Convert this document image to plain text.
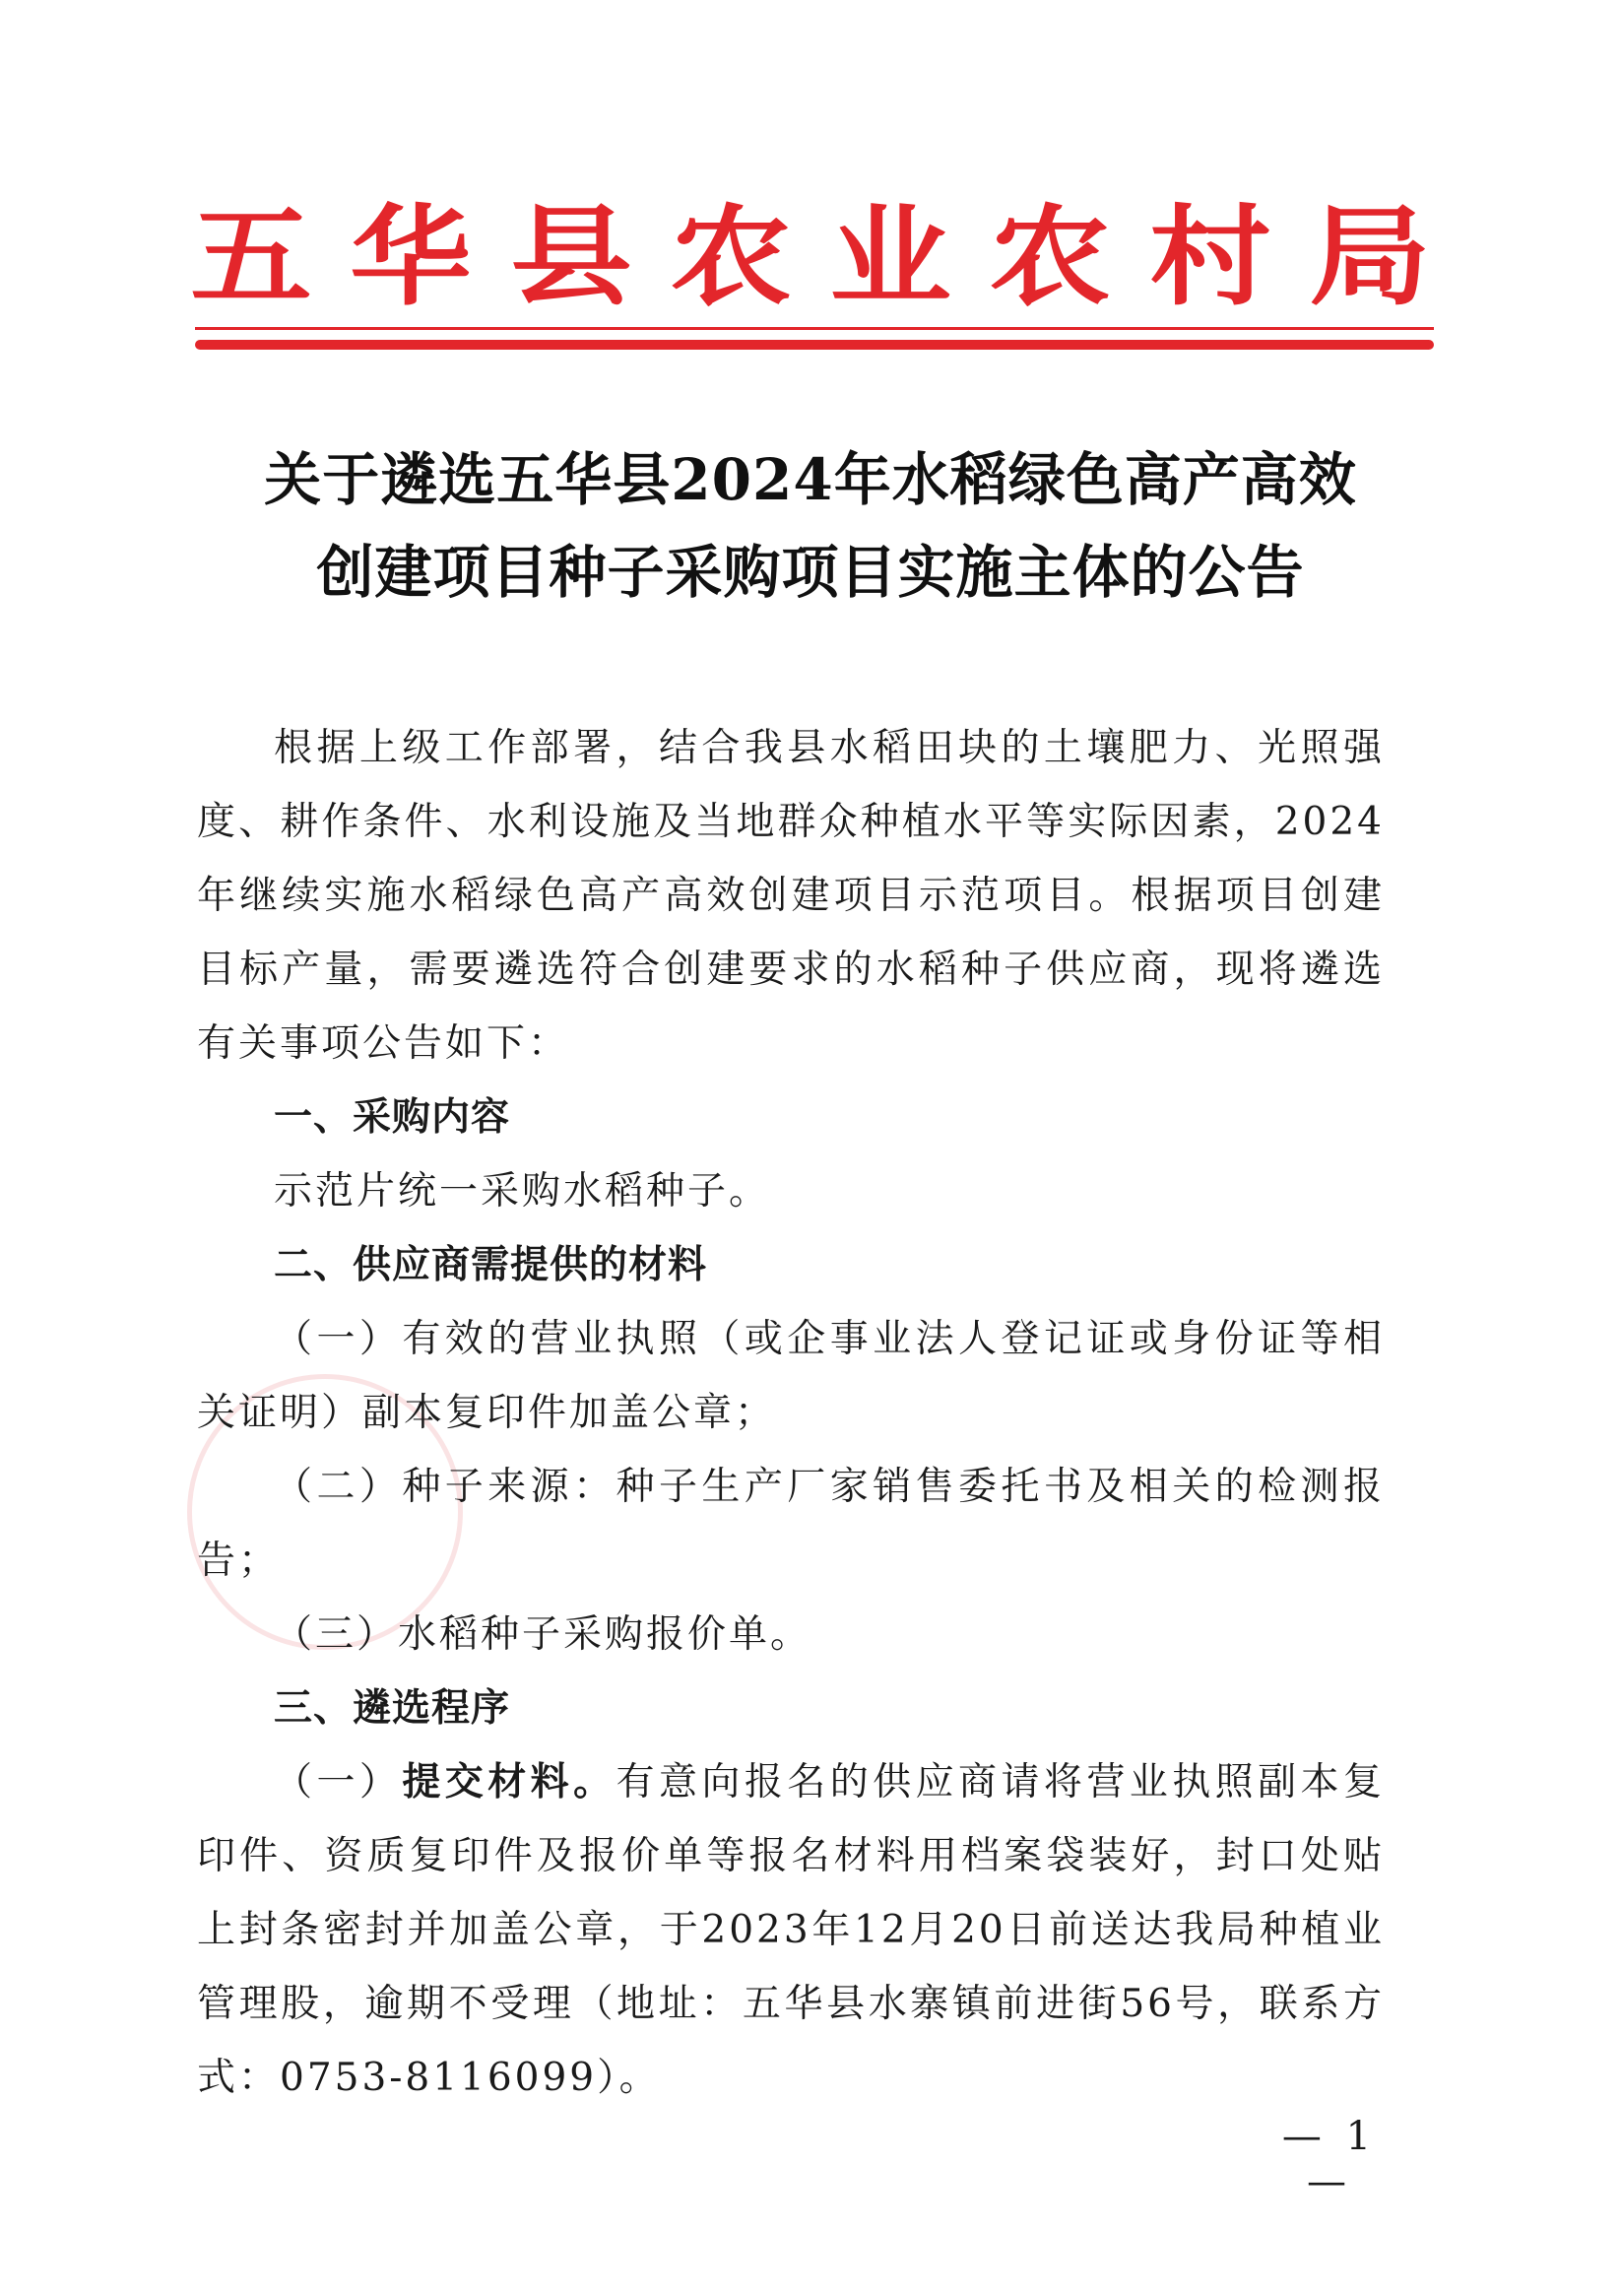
五 华 县 农 业 农 村 局
关于遴选五华县2024年水稻绿色高产高效
创建项目种子采购项目实施主体的公告

根据上级工作部署，结合我县水稻田块的土壤肥力、光照强度、耕作条件、水利设施及当地群众种植水平等实际因素，2024年继续实施水稻绿色高产高效创建项目示范项目。根据项目创建目标产量，需要遴选符合创建要求的水稻种子供应商，现将遴选有关事项公告如下：

一、采购内容

示范片统一采购水稻种子。

二、供应商需提供的材料

（一）有效的营业执照（或企事业法人登记证或身份证等相关证明）副本复印件加盖公章；

（二）种子来源：种子生产厂家销售委托书及相关的检测报告；

（三）水稻种子采购报价单。

三、遴选程序

（一）提交材料。有意向报名的供应商请将营业执照副本复印件、资质复印件及报价单等报名材料用档案袋装好，封口处贴上封条密封并加盖公章，于2023年12月20日前送达我局种植业管理股，逾期不受理（地址：五华县水寨镇前进街56号，联系方式：0753-8116099）。

— 1 —
